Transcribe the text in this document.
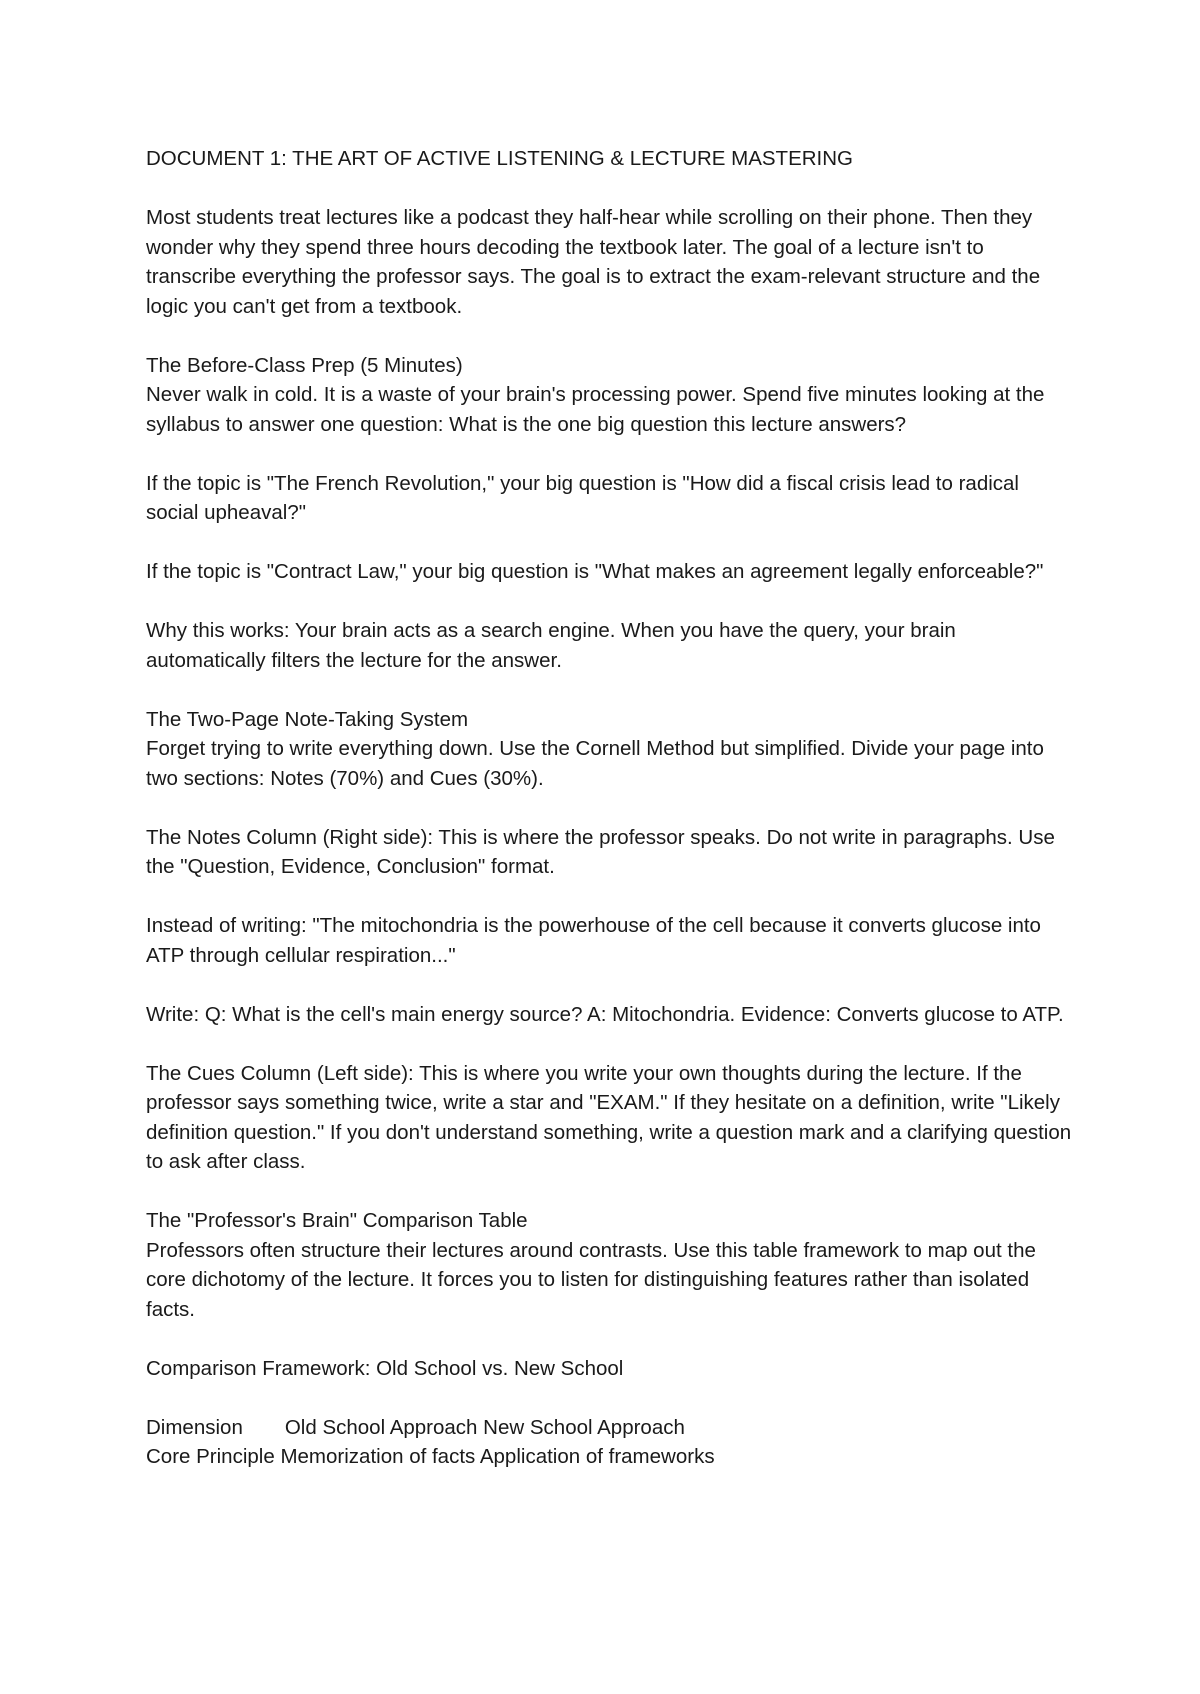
DOCUMENT 1: THE ART OF ACTIVE LISTENING & LECTURE MASTERING

Most students treat lectures like a podcast they half-hear while scrolling on their phone. Then they wonder why they spend three hours decoding the textbook later. The goal of a lecture isn't to transcribe everything the professor says. The goal is to extract the exam-relevant structure and the logic you can't get from a textbook.

The Before-Class Prep (5 Minutes)

Never walk in cold. It is a waste of your brain's processing power. Spend five minutes looking at the syllabus to answer one question: What is the one big question this lecture answers?

If the topic is "The French Revolution," your big question is "How did a fiscal crisis lead to radical social upheaval?"

If the topic is "Contract Law," your big question is "What makes an agreement legally enforceable?"

Why this works: Your brain acts as a search engine. When you have the query, your brain automatically filters the lecture for the answer.

The Two-Page Note-Taking System

Forget trying to write everything down. Use the Cornell Method but simplified. Divide your page into two sections: Notes (70%) and Cues (30%).

The Notes Column (Right side): This is where the professor speaks. Do not write in paragraphs. Use the "Question, Evidence, Conclusion" format.

Instead of writing: "The mitochondria is the powerhouse of the cell because it converts glucose into ATP through cellular respiration..."

Write: Q: What is the cell's main energy source? A: Mitochondria. Evidence: Converts glucose to ATP.

The Cues Column (Left side): This is where you write your own thoughts during the lecture. If the professor says something twice, write a star and "EXAM." If they hesitate on a definition, write "Likely definition question." If you don't understand something, write a question mark and a clarifying question to ask after class.

The "Professor's Brain" Comparison Table

Professors often structure their lectures around contrasts. Use this table framework to map out the core dichotomy of the lecture. It forces you to listen for distinguishing features rather than isolated facts.

Comparison Framework: Old School vs. New School

Dimension Old School Approach New School Approach
Core Principle Memorization of facts Application of frameworks
